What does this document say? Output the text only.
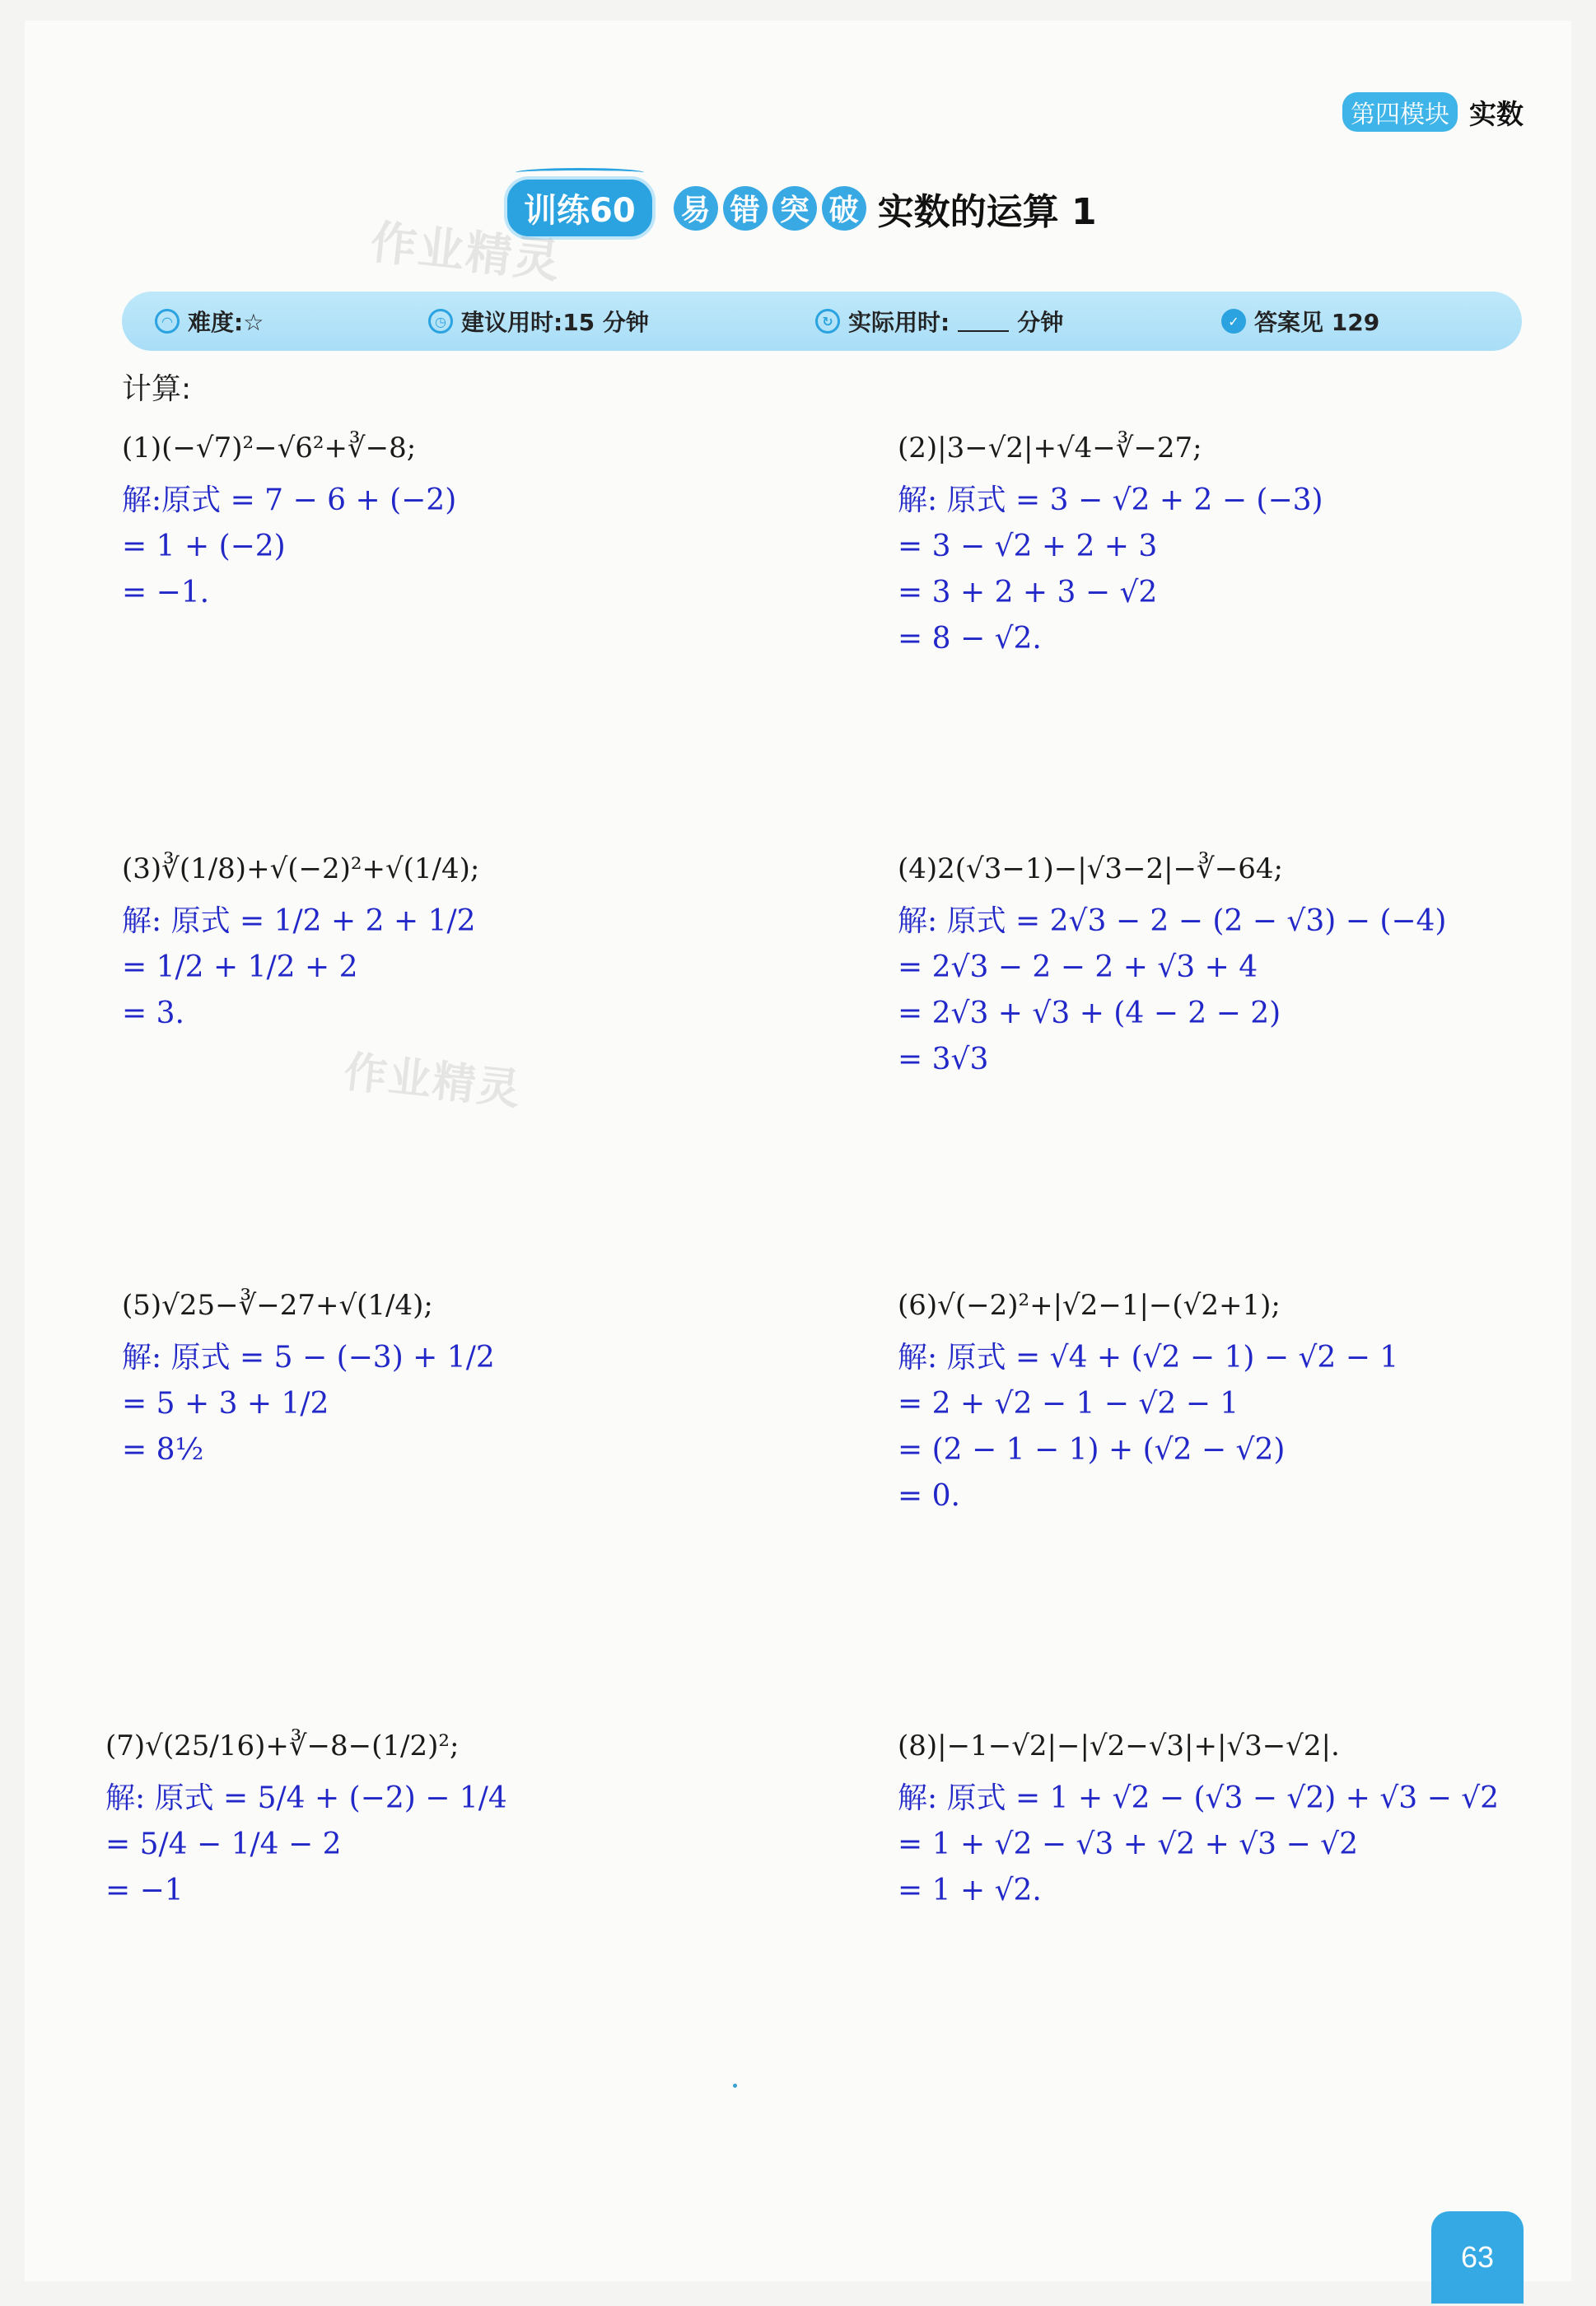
第四模块 实数
训练60	易 错 突 破 实数的运算 1
作业精灵
作业精灵
◠ 难度:☆	◷ 建议用时:15 分钟	↻ 实际用时:	分钟	✓ 答案见 129
计算:
(1)(−√7)²−√6²+∛−8;
解:原式 = 7 − 6 + (−2)
= 1 + (−2)
= −1.
(2)|3−√2|+√4−∛−27;
解: 原式 = 3 − √2 + 2 − (−3)
= 3 − √2 + 2 + 3
= 3 + 2 + 3 − √2
= 8 − √2.
(3)∛(1/8)+√(−2)²+√(1/4);
解: 原式 = 1/2 + 2 + 1/2
= 1/2 + 1/2 + 2
= 3.
(4)2(√3−1)−|√3−2|−∛−64;
解: 原式 = 2√3 − 2 − (2 − √3) − (−4)
= 2√3 − 2 − 2 + √3 + 4
= 2√3 + √3 + (4 − 2 − 2)
= 3√3
(5)√25−∛−27+√(1/4);
解: 原式 = 5 − (−3) + 1/2
= 5 + 3 + 1/2
= 8½
(6)√(−2)²+|√2−1|−(√2+1);
解: 原式 = √4 + (√2 − 1) − √2 − 1
= 2 + √2 − 1 − √2 − 1
= (2 − 1 − 1) + (√2 − √2)
= 0.
(7)√(25/16)+∛−8−(1/2)²;
解: 原式 = 5/4 + (−2) − 1/4
= 5/4 − 1/4 − 2
= −1
(8)|−1−√2|−|√2−√3|+|√3−√2|.
解: 原式 = 1 + √2 − (√3 − √2) + √3 − √2
= 1 + √2 − √3 + √2 + √3 − √2
= 1 + √2.
63
